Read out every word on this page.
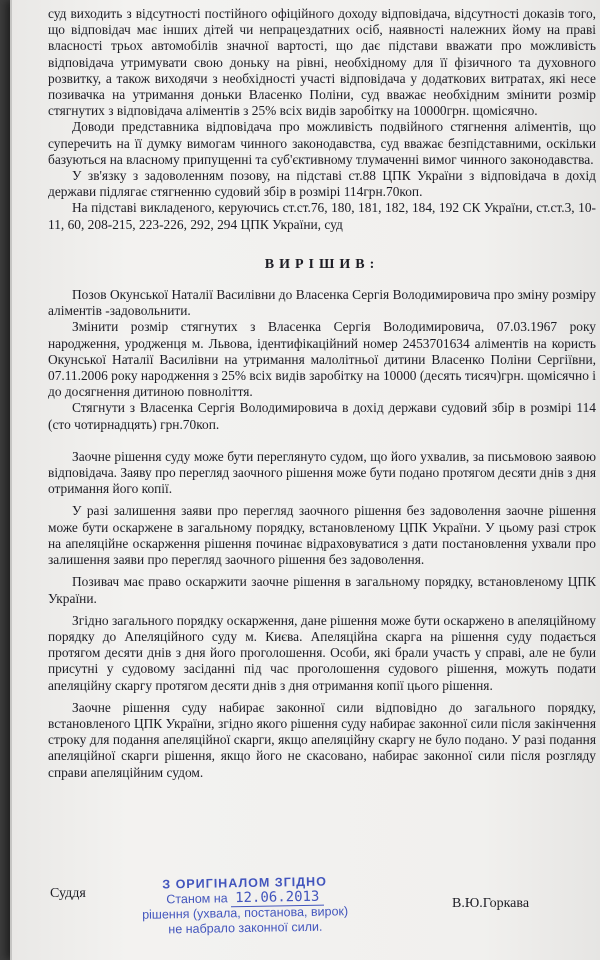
суд виходить з відсутності постійного офіційного доходу відповідача, відсутності доказів того, що відповідач має інших дітей чи непрацездатних осіб, наявності належних йому на праві власності трьох автомобілів значної вартості, що дає підстави вважати про можливість відповідача утримувати свою доньку на рівні, необхідному для її фізичного та духовного розвитку, а також виходячи з необхідності участі відповідача у додаткових витратах, які несе позивачка на утримання доньки Власенко Поліни, суд вважає необхідним змінити розмір стягнутих з відповідача аліментів з 25% всіх видів заробітку на 10000грн. щомісячно.

Доводи представника відповідача про можливість подвійного стягнення аліментів, що суперечить на її думку вимогам чинного законодавства, суд вважає безпідставними, оскільки базуються на власному припущенні та суб'єктивному тлумаченні вимог чинного законодавства.

У зв'язку з задоволенням позову, на підставі ст.88 ЦПК України з відповідача в дохід держави підлягає стягненню судовий збір в розмірі 114грн.70коп.

На підставі викладеного, керуючись ст.ст.76, 180, 181, 182, 184, 192 СК України, ст.ст.3, 10-11, 60, 208-215, 223-226, 292, 294 ЦПК України, суд

ВИРІШИВ:

Позов Окунської Наталії Василівни до Власенка Сергія Володимировича про зміну розміру аліментів -задовольнити.

Змінити розмір стягнутих з Власенка Сергія Володимировича, 07.03.1967 року народження, уродженця м. Львова, ідентифікаційний номер 2453701634 аліментів на користь Окунської Наталії Василівни на утримання малолітньої дитини Власенко Поліни Сергіївни, 07.11.2006 року народження з 25% всіх видів заробітку на 10000 (десять тисяч)грн. щомісячно і до досягнення дитиною повноліття.

Стягнути з Власенка Сергія Володимировича в дохід держави судовий збір в розмірі 114 (сто чотирнадцять) грн.70коп.

Заочне рішення суду може бути переглянуто судом, що його ухвалив, за письмовою заявою відповідача. Заяву про перегляд заочного рішення може бути подано протягом десяти днів з дня отримання його копії.

У разі залишення заяви про перегляд заочного рішення без задоволення заочне рішення може бути оскаржене в загальному порядку, встановленому ЦПК України. У цьому разі строк на апеляційне оскарження рішення починає відраховуватися з дати постановлення ухвали про залишення заяви про перегляд заочного рішення без задоволення.

Позивач має право оскаржити заочне рішення в загальному порядку, встановленому ЦПК України.

Згідно загального порядку оскарження, дане рішення може бути оскаржено в апеляційному порядку до Апеляційного суду м. Києва. Апеляційна скарга на рішення суду подається протягом десяти днів з дня його проголошення. Особи, які брали участь у справі, але не були присутні у судовому засіданні під час проголошення судового рішення, можуть подати апеляційну скаргу протягом десяти днів з дня отримання копії цього рішення.

Заочне рішення суду набирає законної сили відповідно до загального порядку, встановленого ЦПК України, згідно якого рішення суду набирає законної сили після закінчення строку для подання апеляційної скарги, якщо апеляційну скаргу не було подано. У разі подання апеляційної скарги рішення, якщо його не скасовано, набирає законної сили після розгляду справи апеляційним судом.

Суддя
З ОРИГІНАЛОМ ЗГІДНО
Станом на 12.06.2013
рішення (ухвала, постанова, вирок)
не набрало законної сили.
В.Ю.Горкава
